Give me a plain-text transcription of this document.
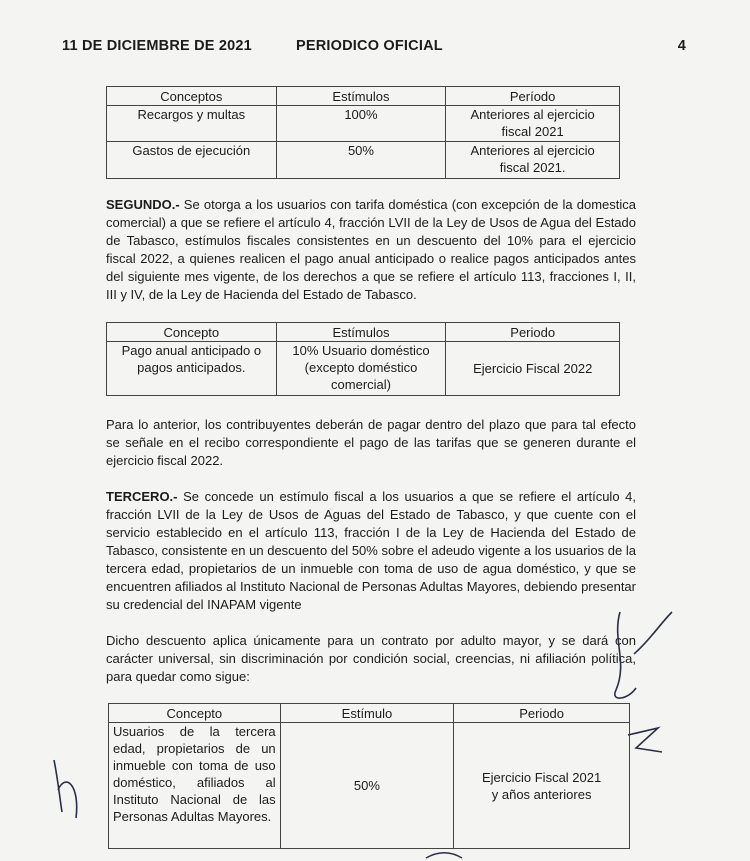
11 DE DICIEMBRE DE 2021	PERIODICO OFICIAL	4
Conceptos	Estímulos	Período
Recargos y multas	100%	Anteriores al ejercicio fiscal 2021
Gastos de ejecución	50%	Anteriores al ejercicio fiscal 2021.
SEGUNDO.- Se otorga a los usuarios con tarifa doméstica (con excepción de la domestica comercial) a que se refiere el artículo 4, fracción LVII de la Ley de Usos de Agua del Estado de Tabasco, estímulos fiscales consistentes en un descuento del 10% para el ejercicio fiscal 2022, a quienes realicen el pago anual anticipado o realice pagos anticipados antes del siguiente mes vigente, de los derechos a que se refiere el artículo 113, fracciones I, II, III y IV, de la Ley de Hacienda del Estado de Tabasco.
Concepto	Estímulos	Periodo
Pago anual anticipado o pagos anticipados.	10% Usuario doméstico (excepto doméstico comercial)	Ejercicio Fiscal 2022
Para lo anterior, los contribuyentes deberán de pagar dentro del plazo que para tal efecto se señale en el recibo correspondiente el pago de las tarifas que se generen durante el ejercicio fiscal 2022.
TERCERO.- Se concede un estímulo fiscal a los usuarios a que se refiere el artículo 4, fracción LVII de la Ley de Usos de Aguas del Estado de Tabasco, y que cuente con el servicio establecido en el artículo 113, fracción I de la Ley de Hacienda del Estado de Tabasco, consistente en un descuento del 50% sobre el adeudo vigente a los usuarios de la tercera edad, propietarios de un inmueble con toma de uso de agua doméstico, y que se encuentren afiliados al Instituto Nacional de Personas Adultas Mayores, debiendo presentar su credencial del INAPAM vigente
Dicho descuento aplica únicamente para un contrato por adulto mayor, y se dará con carácter universal, sin discriminación por condición social, creencias, ni afiliación política, para quedar como sigue:
Concepto	Estímulo	Periodo
Usuarios de la tercera edad, propietarios de un inmueble con toma de uso doméstico, afiliados al Instituto Nacional de las Personas Adultas Mayores.	50%	Ejercicio Fiscal 2021 y años anteriores
